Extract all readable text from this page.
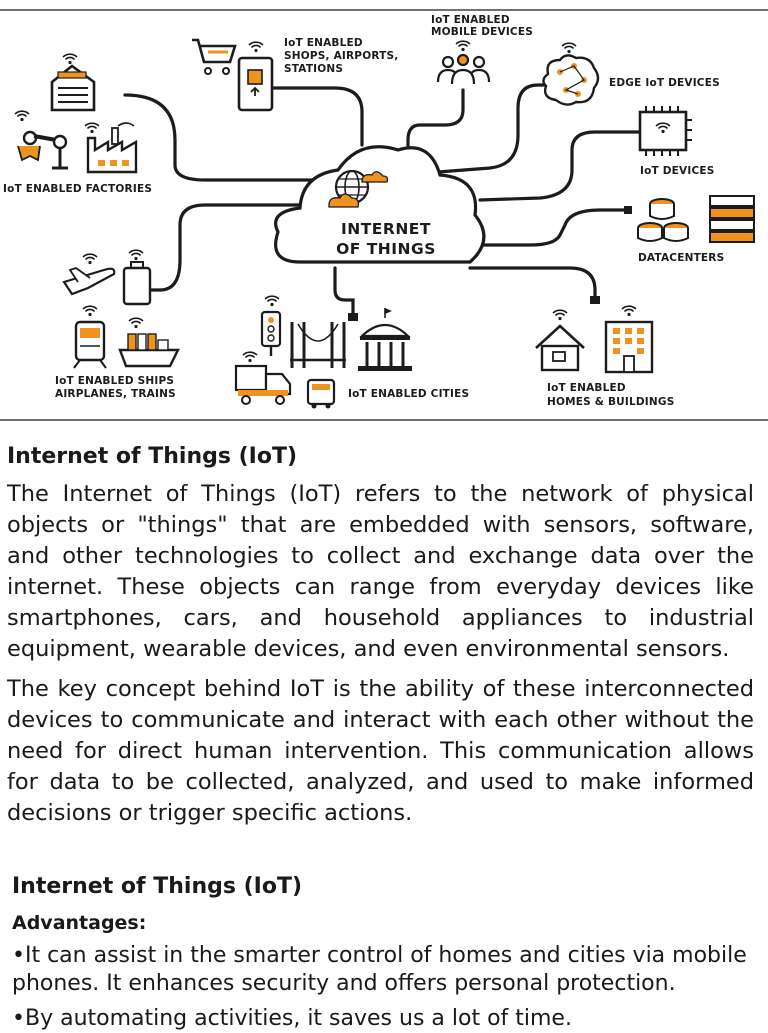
INTERNET
OF THINGS
IoT ENABLED FACTORIES
IoT ENABLED
SHOPS, AIRPORTS,
STATIONS
IoT ENABLED
MOBILE DEVICES
EDGE IoT DEVICES
IoT DEVICES
DATACENTERS
IoT ENABLED SHIPS
AIRPLANES, TRAINS	IoT ENABLED CITIES	IoT ENABLED
HOMES & BUILDINGS
Internet of Things (IoT)

The Internet of Things (IoT) refers to the network of physical objects or "things" that are embedded with sensors, software, and other technologies to collect and exchange data over the internet. These objects can range from everyday devices like smartphones, cars, and household appliances to industrial equipment, wearable devices, and even environmental sensors.

The key concept behind IoT is the ability of these interconnected devices to communicate and interact with each other without the need for direct human intervention. This communication allows for data to be collected, analyzed, and used to make informed decisions or trigger specific actions.

Internet of Things (IoT)

Advantages:

•It can assist in the smarter control of homes and cities via mobile phones. It enhances security and offers personal protection.

•By automating activities, it saves us a lot of time.
